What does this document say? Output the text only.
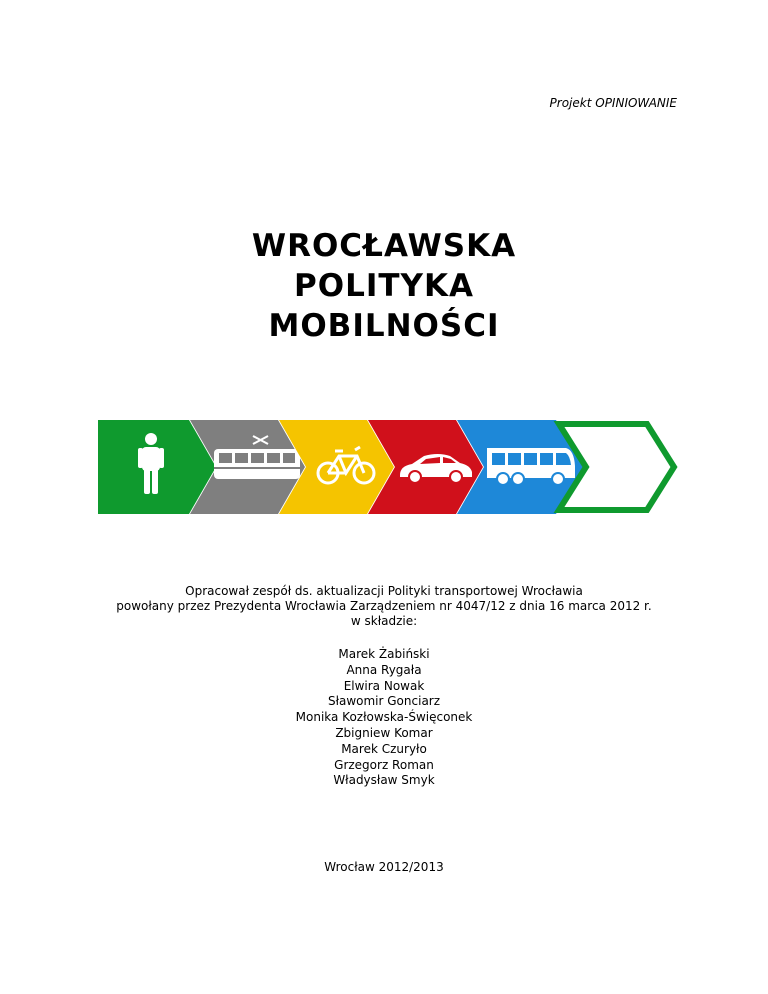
Projekt OPINIOWANIE
WROCŁAWSKA
POLITYKA
MOBILNOŚCI
Opracował zespół ds. aktualizacji Polityki transportowej Wrocławia
powołany przez Prezydenta Wrocławia Zarządzeniem nr 4047/12 z dnia 16 marca 2012 r.
w składzie:
Marek Żabiński
Anna Rygała
Elwira Nowak
Sławomir Gonciarz
Monika Kozłowska-Święconek
Zbigniew Komar
Marek Czuryło
Grzegorz Roman
Władysław Smyk
Wrocław 2012/2013
